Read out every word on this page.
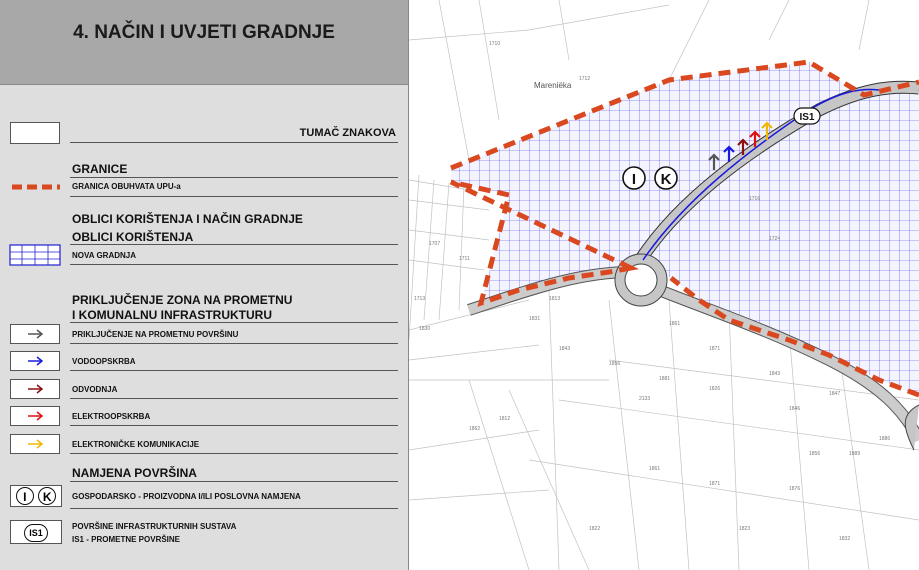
4. NAČIN I UVJETI GRADNJE
TUMAČ ZNAKOVA
GRANICE
GRANICA OBUHVATA UPU-a
OBLICI KORIŠTENJA I NAČIN GRADNJE
OBLICI KORIŠTENJA
NOVA GRADNJA
PRIKLJUČENJE ZONA NA PROMETNU
I KOMUNALNU INFRASTRUKTURU
PRIKLJUČENJE NA PROMETNU POVRŠINU
VODOOPSKRBA
ODVODNJA
ELEKTROOPSKRBA
ELEKTRONIČKE KOMUNIKACIJE
NAMJENA POVRŠINA
I K	GOSPODARSKO - PROIZVODNA I/ILI POSLOVNA NAMJENA
IS1
POVRŠINE INFRASTRUKTURNIH SUSTAVA
IS1 - PROMETNE POVRŠINE
I K
IS1
Mareniëka
1710
1712
1707
1711
1713
1716
1724
1813
1831
1843
1856
1861
1871
1881
2133
1812
1826
1843
1846
1847
1861
1871
1876
1889
1886
1822	1823
1832
1862
1856
1830
